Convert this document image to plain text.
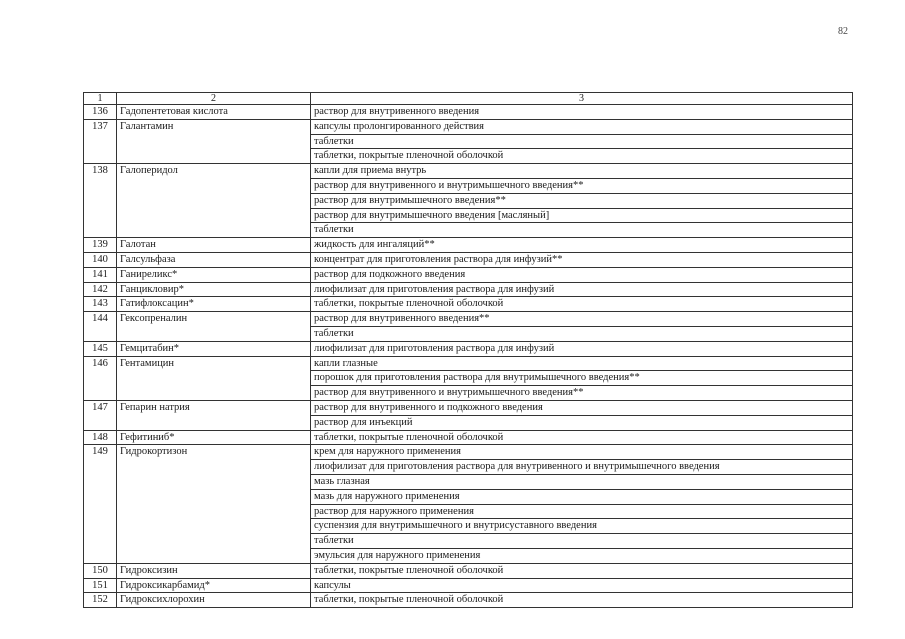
82
1	2	3
136	Гадопентетовая кислота	раствор для внутривенного введения
137	Галантамин	капсулы пролонгированного действия
		таблетки
		таблетки, покрытые пленочной оболочкой
138	Галоперидол	капли для приема внутрь
		раствор для внутривенного и внутримышечного введения**
		раствор для внутримышечного введения**
		раствор для внутримышечного введения [масляный]
		таблетки
139	Галотан	жидкость для ингаляций**
140	Галсульфаза	концентрат для приготовления раствора для инфузий**
141	Ганиреликс*	раствор для подкожного введения
142	Ганцикловир*	лиофилизат для приготовления раствора для инфузий
143	Гатифлоксацин*	таблетки, покрытые пленочной оболочкой
144	Гексопреналин	раствор для внутривенного введения**
		таблетки
145	Гемцитабин*	лиофилизат для приготовления раствора для инфузий
146	Гентамицин	капли глазные
		порошок для приготовления раствора для внутримышечного введения**
		раствор для внутривенного и внутримышечного введения**
147	Гепарин натрия	раствор для внутривенного и подкожного введения
		раствор для инъекций
148	Гефитиниб*	таблетки, покрытые пленочной оболочкой
149	Гидрокортизон	крем для наружного применения
		лиофилизат для приготовления раствора для внутривенного и внутримышечного введения
		мазь глазная
		мазь для наружного применения
		раствор для наружного применения
		суспензия для внутримышечного и внутрисуставного введения
		таблетки
		эмульсия для наружного применения
150	Гидроксизин	таблетки, покрытые пленочной оболочкой
151	Гидроксикарбамид*	капсулы
152	Гидроксихлорохин	таблетки, покрытые пленочной оболочкой
